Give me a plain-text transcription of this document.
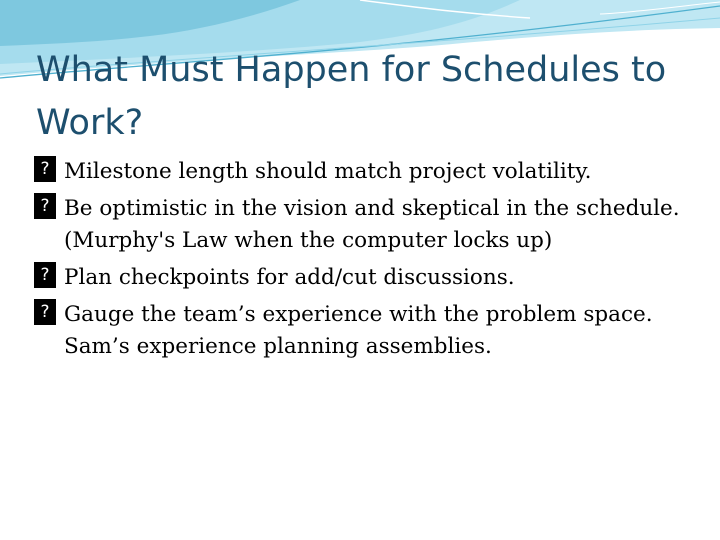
What Must Happen for Schedules to Work?
? Milestone length should match project volatility.
? Be optimistic in the vision and skeptical in the schedule. (Murphy's Law when the computer locks up)
? Plan checkpoints for add/cut discussions.
? Gauge the team’s experience with the problem space. Sam’s experience planning assemblies.
